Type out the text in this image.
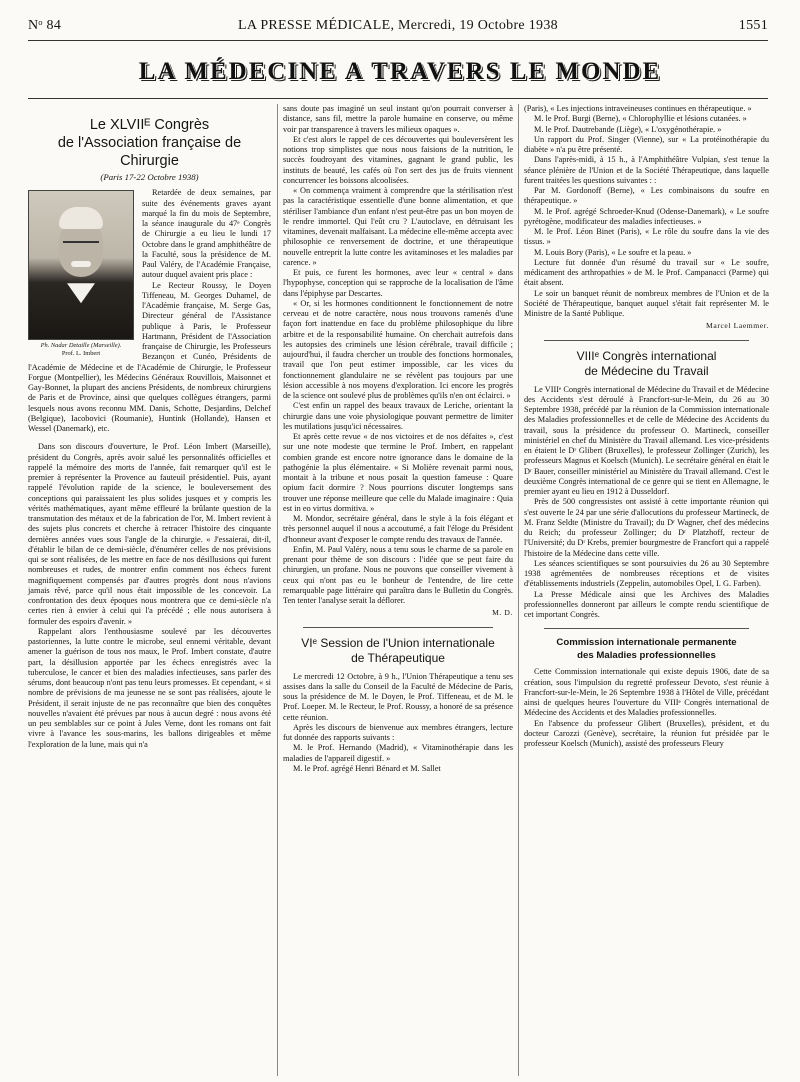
Nᵒ 84	LA PRESSE MÉDICALE, Mercredi, 19 Octobre 1938	1551
LA MÉDECINE A TRAVERS LE MONDE
Le XLVIIᴱ Congrès
de l'Association française de Chirurgie
(Paris 17-22 Octobre 1938)
Ph. Nadar Detaille (Marseille).
Prof. L. Imbert

Retardée de deux semaines, par suite des événements graves ayant marqué la fin du mois de Septembre, la séance inaugurale du 47ᵉ Congrès de Chirurgie a eu lieu le lundi 17 Octobre dans le grand amphithéâtre de la Faculté, sous la présidence de M. Paul Valéry, de l'Académie Française, autour duquel avaient pris place :

Le Recteur Roussy, le Doyen Tiffeneau, M. Georges Duhamel, de l'Académie française, M. Serge Gas, Directeur général de l'Assistance publique à Paris, le Professeur Hartmann, Président de l'Association française de Chirurgie, les Professeurs Bezançon et Cunéo, Présidents de l'Académie de Médecine et de l'Académie de Chirurgie, le Professeur Forgue (Montpellier), les Médecins Généraux Rouvillois, Maisonnet et Gay-Bonnet, la plupart des anciens Présidents, de nombreux chirurgiens de Paris et de Province, ainsi que quelques collègues étrangers, parmi lesquels nous avons reconnu MM. Danis, Schotte, Desjardins, Delchef (Belgique), Iacobovici (Roumanie), Huntink (Hollande), Hansen et Wessel (Danemark), etc.

Dans son discours d'ouverture, le Prof. Léon Imbert (Marseille), président du Congrès, après avoir salué les personnalités officielles et rappelé la mémoire des morts de l'année, fait remarquer qu'il est le premier à représenter la Provence au fauteuil présidentiel. Puis, ayant rappelé l'évolution rapide de la science, le bouleversement des conceptions qui paraissaient les plus solides jusques et y compris les vérités mathématiques, ayant même effleuré la brûlante question de la transmutation des métaux et de la fabrication de l'or, M. Imbert revient à des sujets plus concrets et cherche à retracer l'histoire des cinquante dernières années vues sous l'angle de la chirurgie. « J'essaierai, dit-il, d'établir le bilan de ce demi-siècle, d'énumérer celles de nos prévisions qui se sont réalisées, de les mettre en face de nos désillusions qui furent nombreuses et rudes, de montrer enfin comment nos échecs furent magnifiquement compensés par d'autres progrès dont nous n'avions jamais rêvé, parce qu'il nous était impossible de les concevoir. La confrontation des deux époques nous montrera que ce demi-siècle n'a certes rien à envier à celui qui l'a précédé ; elle nous autorisera à formuler des espoirs d'avenir. »

Rappelant alors l'enthousiasme soulevé par les découvertes pastoriennes, la lutte contre le microbe, seul ennemi véritable, devant amener la guérison de tous nos maux, le Prof. Imbert constate, d'autre part, la désillusion apportée par les échecs enregistrés avec la tuberculose, le cancer et bien des maladies infectieuses, sans parler des sérums, dont beaucoup n'ont pas tenu leurs promesses. Et cependant, « si nombre de prévisions de ma jeunesse ne se sont pas réalisées, ajoute le Président, il serait injuste de ne pas reconnaître que bien des conquêtes nouvelles n'avaient été prévues par nous à aucun degré : nous avons été un peu semblables sur ce point à Jules Verne, dont les romans ont fait vivre à l'avance les sous-marins, les ballons dirigeables et même l'exploration de la lune, mais qui n'a

sans doute pas imaginé un seul instant qu'on pourrait converser à distance, sans fil, mettre la parole humaine en conserve, ou même voir par transparence à travers les milieux opaques ».

Et c'est alors le rappel de ces découvertes qui bouleversèrent les notions trop simplistes que nous nous faisions de la nutrition, le succès foudroyant des vitamines, gagnant le grand public, les instituts de beauté, les cafés où l'on sert des jus de fruits viennent concurrencer les boissons alcoolisées.

« On commença vraiment à comprendre que la stérilisation n'est pas la caractéristique essentielle d'une bonne alimentation, et que stériliser l'ambiance d'un enfant n'est peut-être pas un bon moyen de le rendre immortel. Qui l'eût cru ? L'autoclave, en détruisant les vitamines, devenait malfaisant. La médecine elle-même accepta avec philosophie ce renversement de doctrine, et une thérapeutique nouvelle entreprit la lutte contre les avitaminoses et les maladies par carence. »

Et puis, ce furent les hormones, avec leur « central » dans l'hypophyse, conception qui se rapproche de la localisation de l'âme dans l'épiphyse par Descartes.

« Or, si les hormones conditionnent le fonctionnement de notre cerveau et de notre caractère, nous nous trouvons ramenés d'une façon fort inattendue en face du problème philosophique du libre arbitre et de la responsabilité humaine. On cherchait autrefois dans les autopsies des criminels une lésion cérébrale, travail difficile ; aujourd'hui, il faudra chercher un trouble des fonctions hormonales, travail que l'on peut estimer impossible, car les vices du fonctionnement glandulaire ne se révèlent pas toujours par une lésion accessible à nos moyens d'exploration. Ici encore les progrès de la science ont soulevé plus de problèmes qu'ils n'en ont éclairci. »

C'est enfin un rappel des beaux travaux de Leriche, orientant la chirurgie dans une voie physiologique pouvant permettre de limiter les mutilations jusqu'ici nécessaires.

Et après cette revue « de nos victoires et de nos défaites », c'est sur une note modeste que termine le Prof. Imbert, en rappelant combien grande est encore notre ignorance dans le domaine de la pathogénie la plus élémentaire. « Si Molière revenait parmi nous, montait à la tribune et nous posait la question fameuse : Quare opium facit dormire ? Nous pourrions discuter longtemps sans trouver une réponse meilleure que celle du Malade imaginaire : Quia est in eo virtus dormitiva. »

M. Mondor, secrétaire général, dans le style à la fois élégant et très personnel auquel il nous a accoutumé, a fait l'éloge du Président d'honneur avant d'exposer le compte rendu des travaux de l'année.

Enfin, M. Paul Valéry, nous a tenu sous le charme de sa parole en prenant pour thème de son discours : l'idée que se peut faire du chirurgien, un profane. Nous ne pouvons que conseiller vivement à ceux qui n'ont pas eu le bonheur de l'entendre, de lire cette remarquable page littéraire qui paraîtra dans le Bulletin du Congrès. Ten tenter l'analyse serait la déflorer.

M. D.
VIᵉ Session de l'Union internationale
de Thérapeutique

Le mercredi 12 Octobre, à 9 h., l'Union Thérapeutique a tenu ses assises dans la salle du Conseil de la Faculté de Médecine de Paris, sous la présidence de M. le Doyen, le Prof. Tiffeneau, et de M. le Prof. Loeper. M. le Recteur, le Prof. Roussy, a honoré de sa présence cette réunion.

Après les discours de bienvenue aux membres étrangers, lecture fut donnée des rapports suivants :

M. le Prof. Hernando (Madrid), « Vitaminothérapie dans les maladies de l'appareil digestif. »

M. le Prof. agrégé Henri Bénard et M. Sallet

(Paris), « Les injections intraveineuses continues en thérapeutique. »

M. le Prof. Burgi (Berne), « Chlorophyllie et lésions cutanées. »

M. le Prof. Dautrebande (Liège), « L'oxygénothérapie. »

Un rapport du Prof. Singer (Vienne), sur « La protéinothérapie du diabète » n'a pu être présenté.

Dans l'après-midi, à 15 h., à l'Amphithéâtre Vulpian, s'est tenue la séance plénière de l'Union et de la Société Thérapeutique, dans laquelle furent traitées les questions suivantes : :

Par M. Gordonoff (Berne), « Les combinaisons du soufre en thérapeutique. »

M. le Prof. agrégé Schroeder-Knud (Odense-Danemark), « Le soufre pyrétogène, modificateur des maladies infectieuses. »

M. le Prof. Léon Binet (Paris), « Le rôle du soufre dans la vie des tissus. »

M. Louis Bory (Paris), « Le soufre et la peau. »

Lecture fut donnée d'un résumé du travail sur « Le soufre, médicament des arthropathies » de M. le Prof. Campanacci (Parme) qui était absent.

Le soir un banquet réunit de nombreux membres de l'Union et de la Société de Thérapeutique, banquet auquel s'était fait représenter M. le Ministre de la Santé Publique.

Marcel Laemmer.
VIIIᵉ Congrès international
de Médecine du Travail

Le VIIIᵉ Congrès international de Médecine du Travail et de Médecine des Accidents s'est déroulé à Francfort-sur-le-Mein, du 26 au 30 Septembre 1938, précédé par la réunion de la Commission internationale des Maladies professionnelles et de celle de Médecine des Accidents du travail, sous la présidence du professeur O. Martineck, conseiller ministériel en chef du Ministère du Travail allemand. Les vice-présidents en étaient le Dʳ Glibert (Bruxelles), le professeur Zollinger (Zurich), les professeurs Magnus et Koelsch (Munich). Le secrétaire général en était le Dʳ Bauer, conseiller ministériel au Ministère du Travail allemand. C'est le deuxième Congrès international de ce genre qui se tient en Allemagne, le premier ayant eu lieu en 1912 à Dusseldorf.

Près de 500 congressistes ont assisté à cette importante réunion qui s'est ouverte le 24 par une série d'allocutions du professeur Martineck, de M. Franz Seldte (Ministre du Travail); du Dʳ Wagner, chef des médecins du Reich; du professeur Zollinger; du Dʳ Platzhoff, recteur de l'Université; du Dʳ Krebs, premier bourgmestre de Francfort qui a rappelé l'histoire de la Médecine dans cette ville.

Les séances scientifiques se sont poursuivies du 26 au 30 Septembre 1938 agrémentées de nombreuses réceptions et de visites d'établissements industriels (Zeppelin, automobiles Opel, I. G. Farben).

La Presse Médicale ainsi que les Archives des Maladies professionnelles donneront par ailleurs le compte rendu scientifique de cet important Congrès.

Commission internationale permanente
des Maladies professionnelles

Cette Commission internationale qui existe depuis 1906, date de sa création, sous l'impulsion du regretté professeur Devoto, s'est réunie à Francfort-sur-le-Mein, le 26 Septembre 1938 à l'Hôtel de Ville, précédant ainsi de quelques heures l'ouverture du VIIIᵉ Congrès international de Médecine des Accidents et des Maladies professionnelles.

En l'absence du professeur Glibert (Bruxelles), président, et du docteur Carozzi (Genève), secrétaire, la réunion fut présidée par le professeur Koelsch (Munich), assisté des professeurs Fleury
